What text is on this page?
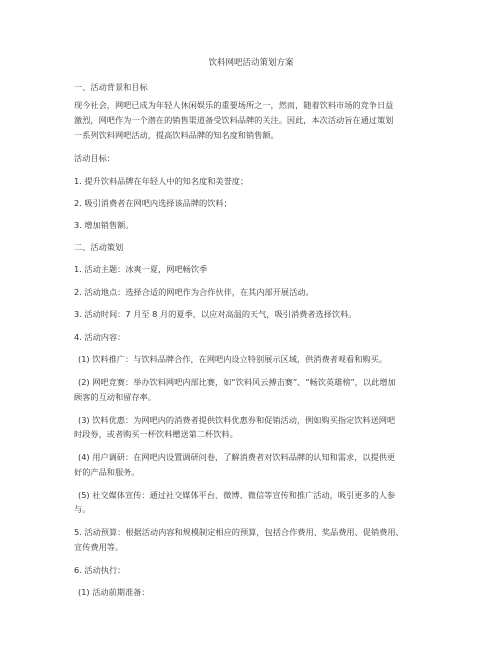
饮料网吧活动策划方案
一、活动背景和目标
现今社会，网吧已成为年轻人休闲娱乐的重要场所之一，然而，随着饮料市场的竞争日益
激烈，网吧作为一个潜在的销售渠道备受饮料品牌的关注。因此，本次活动旨在通过策划
一系列饮料网吧活动，提高饮料品牌的知名度和销售额。
活动目标：
1. 提升饮料品牌在年轻人中的知名度和美誉度；
2. 吸引消费者在网吧内选择该品牌的饮料；
3. 增加销售额。
二、活动策划
1. 活动主题：冰爽一夏，网吧畅饮季
2. 活动地点：选择合适的网吧作为合作伙伴，在其内部开展活动。
3. 活动时间：7 月至 8 月的夏季，以应对高温的天气，吸引消费者选择饮料。
4. 活动内容：
(1) 饮料推广：与饮料品牌合作，在网吧内设立特别展示区域，供消费者观看和购买。
(2) 网吧竞赛：举办饮料网吧内部比赛，如“饮料风云搏击赛”、“畅饮英雄榜”，以此增加
顾客的互动和留存率。
(3) 饮料优惠：为网吧内的消费者提供饮料优惠券和促销活动，例如购买指定饮料送网吧
时段券，或者购买一杯饮料赠送第二杯饮料。
(4) 用户调研：在网吧内设置调研问卷，了解消费者对饮料品牌的认知和需求，以提供更
好的产品和服务。
(5) 社交媒体宣传：通过社交媒体平台、微博、微信等宣传和推广活动，吸引更多的人参
与。
5. 活动预算：根据活动内容和规模制定相应的预算，包括合作费用、奖品费用、促销费用、
宣传费用等。
6. 活动执行：
(1) 活动前期准备：
